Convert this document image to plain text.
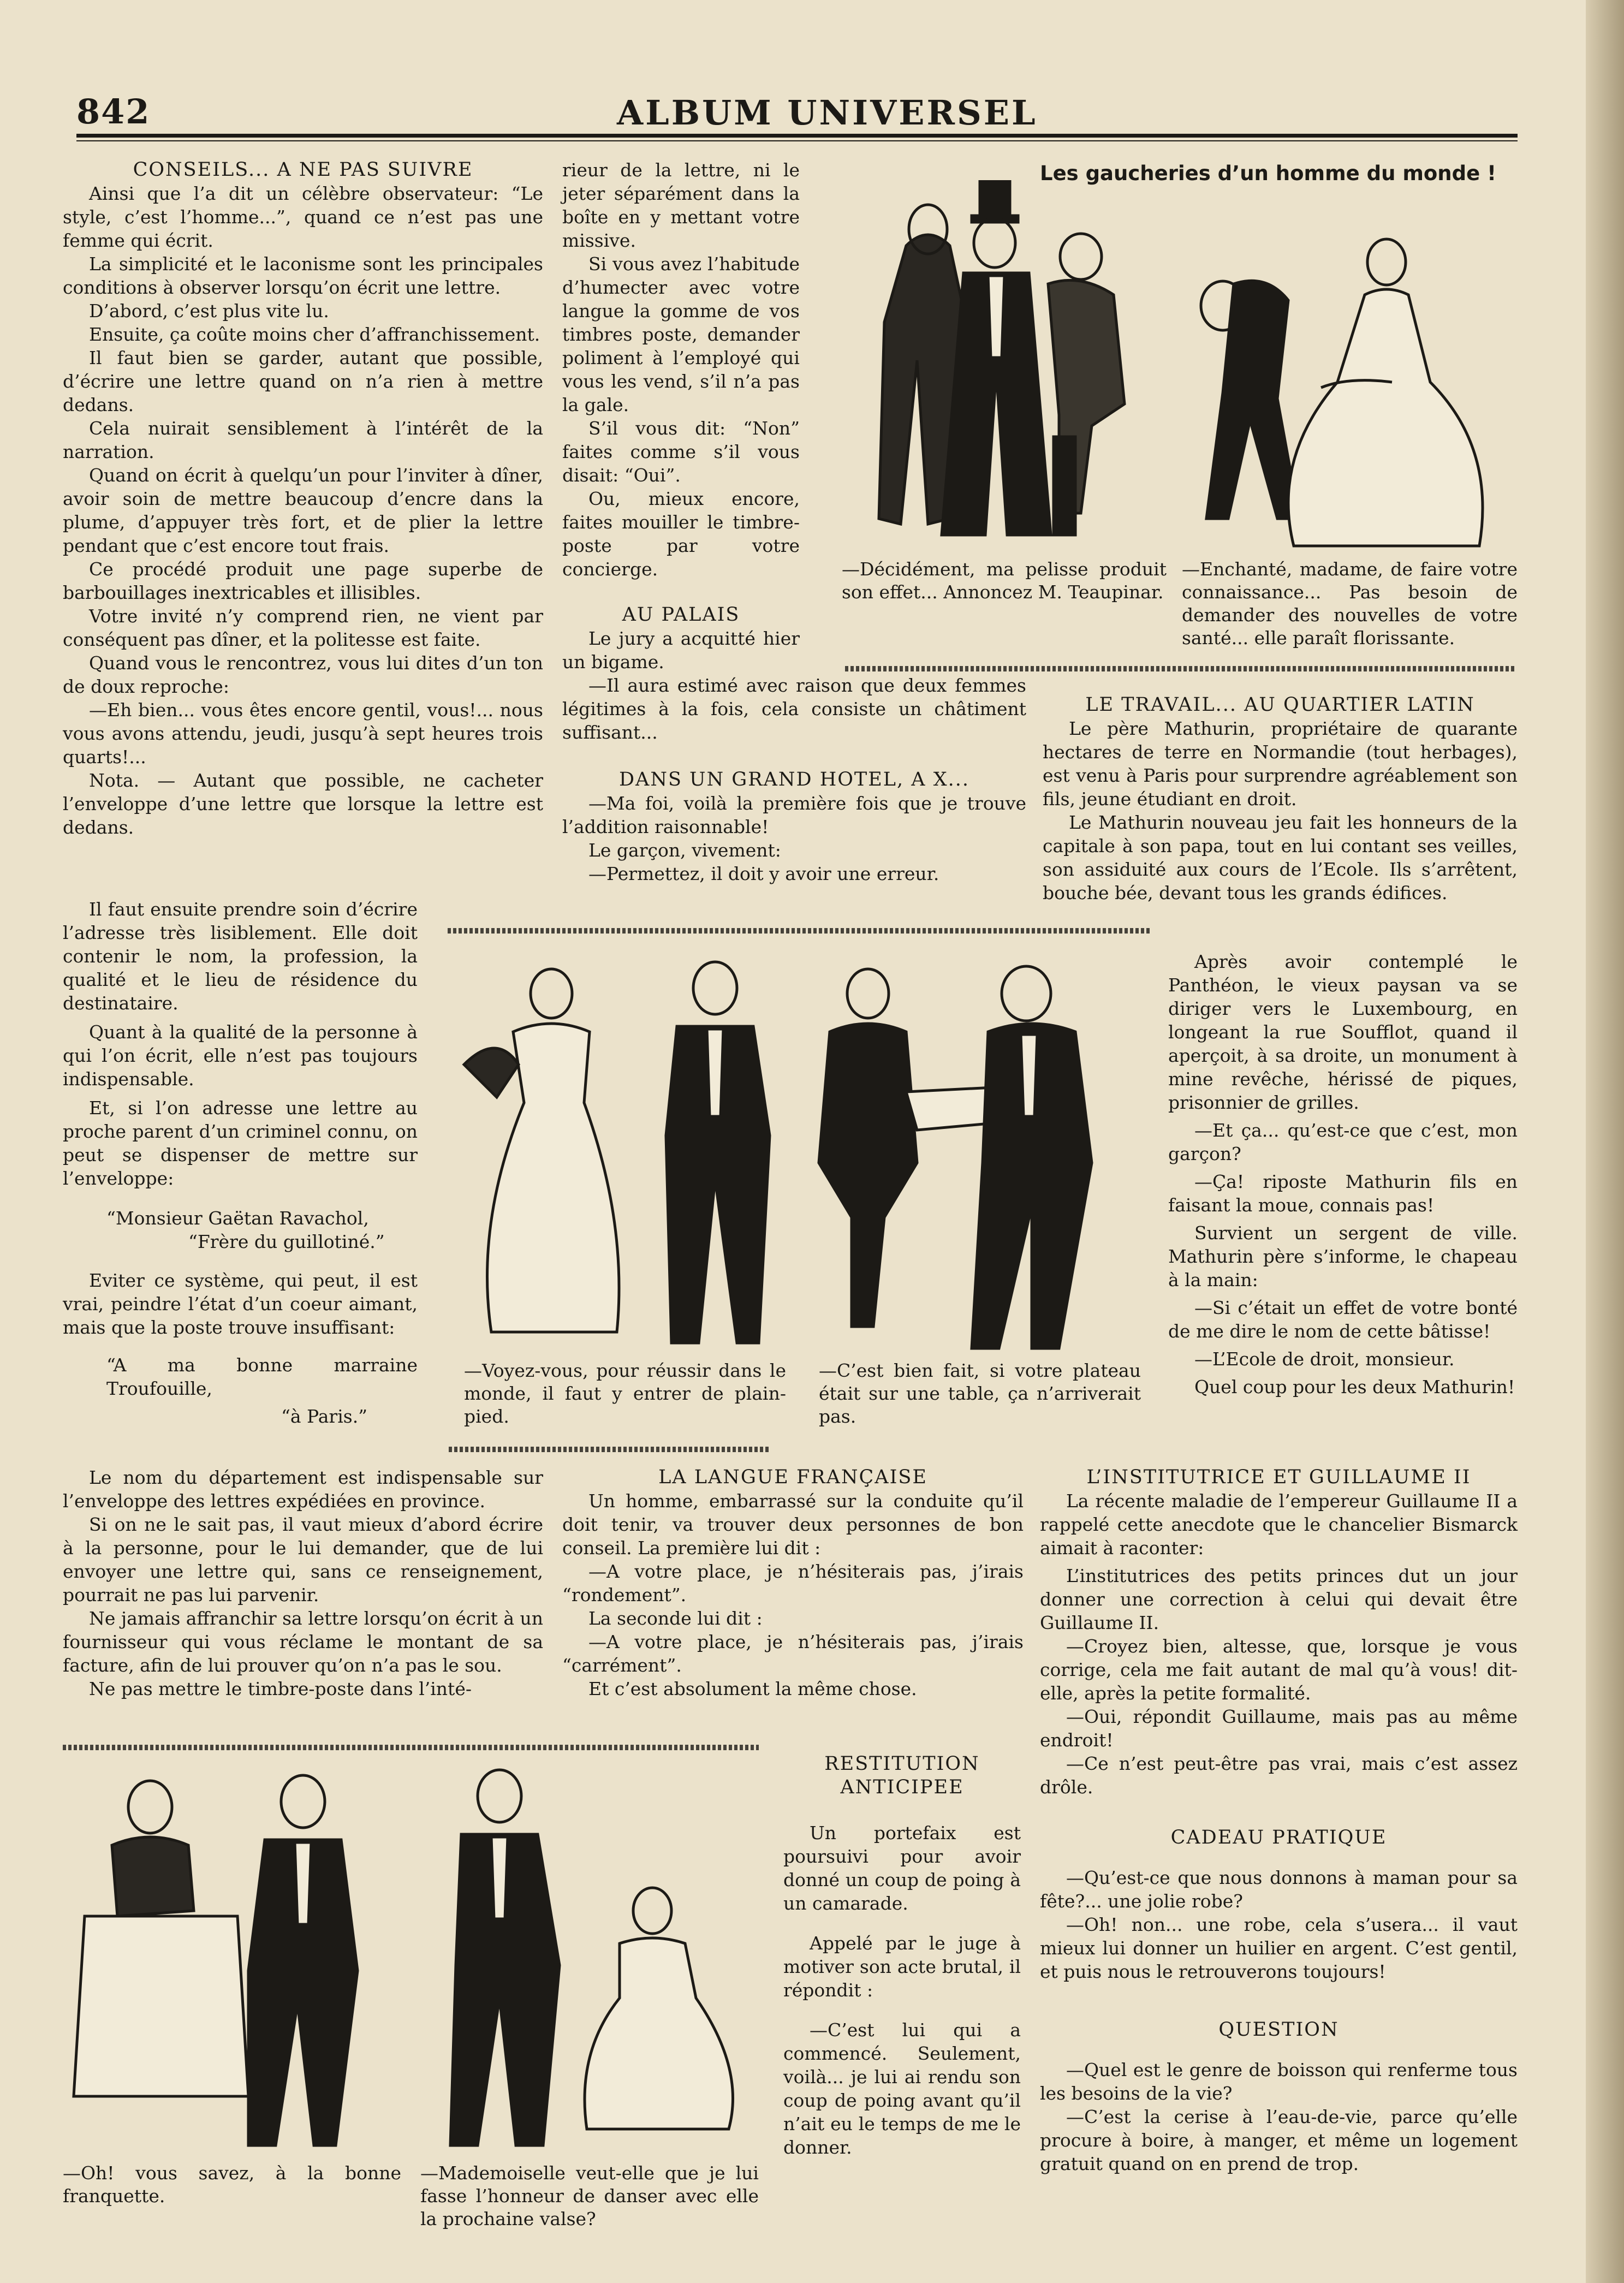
842	ALBUM UNIVERSEL

CONSEILS... A NE PAS SUIVRE

Ainsi que l’a dit un célèbre observateur: “Le style, c’est l’homme...”, quand ce n’est pas une femme qui écrit.

La simplicité et le laconisme sont les principales conditions à observer lorsqu’on écrit une lettre.

D’abord, c’est plus vite lu.

Ensuite, ça coûte moins cher d’affranchissement.

Il faut bien se garder, autant que possible, d’écrire une lettre quand on n’a rien à mettre dedans.

Cela nuirait sensiblement à l’intérêt de la narration.

Quand on écrit à quelqu’un pour l’inviter à dîner, avoir soin de mettre beaucoup d’encre dans la plume, d’appuyer très fort, et de plier la lettre pendant que c’est encore tout frais.

Ce procédé produit une page superbe de barbouillages inextricables et illisibles.

Votre invité n’y comprend rien, ne vient par conséquent pas dîner, et la politesse est faite.

Quand vous le rencontrez, vous lui dites d’un ton de doux reproche:

—Eh bien... vous êtes encore gentil, vous!... nous vous avons attendu, jeudi, jusqu’à sept heures trois quarts!...

Nota. — Autant que possible, ne cacheter l’enveloppe d’une lettre que lorsque la lettre est dedans.

Il faut ensuite prendre soin d’écrire l’adresse très lisiblement. Elle doit contenir le nom, la profession, la qualité et le lieu de résidence du destinataire.

Quant à la qualité de la personne à qui l’on écrit, elle n’est pas toujours indispensable.

Et, si l’on adresse une lettre au proche parent d’un criminel connu, on peut se dispenser de mettre sur l’enveloppe:

“Monsieur Gaëtan Ravachol,

“Frère du guillotiné.”

Eviter ce système, qui peut, il est vrai, peindre l’état d’un coeur aimant, mais que la poste trouve insuffisant:

“A ma bonne marraine Troufouille,

“à Paris.”

Le nom du département est indispensable sur l’enveloppe des lettres expédiées en province.

Si on ne le sait pas, il vaut mieux d’abord écrire à la personne, pour le lui demander, que de lui envoyer une lettre qui, sans ce renseignement, pourrait ne pas lui parvenir.

Ne jamais affranchir sa lettre lorsqu’on écrit à un fournisseur qui vous réclame le montant de sa facture, afin de lui prouver qu’on n’a pas le sou.

Ne pas mettre le timbre-poste dans l’inté-

rieur de la lettre, ni le jeter séparément dans la boîte en y mettant votre missive.

Si vous avez l’habitude d’humecter avec votre langue la gomme de vos timbres poste, demander poliment à l’employé qui vous les vend, s’il n’a pas la gale.

S’il vous dit: “Non” faites comme s’il vous disait: “Oui”.

Ou, mieux encore, faites mouiller le timbre-poste par votre concierge.

AU PALAIS

Le jury a acquitté hier un bigame.

—Il aura estimé avec raison que deux femmes légitimes à la fois, cela consiste un châtiment suffisant...

DANS UN GRAND HOTEL, A X...

—Ma foi, voilà la première fois que je trouve l’addition raisonnable!

Le garçon, vivement:

—Permettez, il doit y avoir une erreur.

Les gaucheries d’un homme du monde !
—Décidément, ma pelisse produit son effet... Annoncez M. Teaupinar.
—Enchanté, madame, de faire votre connaissance... Pas besoin de demander des nouvelles de votre santé... elle paraît florissante.

LE TRAVAIL... AU QUARTIER LATIN

Le père Mathurin, propriétaire de quarante hectares de terre en Normandie (tout herbages), est venu à Paris pour surprendre agréablement son fils, jeune étudiant en droit.

Le Mathurin nouveau jeu fait les honneurs de la capitale à son papa, tout en lui contant ses veilles, son assiduité aux cours de l’Ecole. Ils s’arrêtent, bouche bée, devant tous les grands édifices.

Après avoir contemplé le Panthéon, le vieux paysan va se diriger vers le Luxembourg, en longeant la rue Soufflot, quand il aperçoit, à sa droite, un monument à mine revêche, hérissé de piques, prisonnier de grilles.

—Et ça... qu’est-ce que c’est, mon garçon?

—Ça! riposte Mathurin fils en faisant la moue, connais pas!

Survient un sergent de ville. Mathurin père s’informe, le chapeau à la main:

—Si c’était un effet de votre bonté de me dire le nom de cette bâtisse!

—L’Ecole de droit, monsieur.

Quel coup pour les deux Mathurin!

—Voyez-vous, pour réussir dans le monde, il faut y entrer de plain-pied.
—C’est bien fait, si votre plateau était sur une table, ça n’arriverait pas.

LA LANGUE FRANÇAISE

Un homme, embarrassé sur la conduite qu’il doit tenir, va trouver deux personnes de bon conseil. La première lui dit :

—A votre place, je n’hésiterais pas, j’irais “rondement”.

La seconde lui dit :

—A votre place, je n’hésiterais pas, j’irais “carrément”.

Et c’est absolument la même chose.

L’INSTITUTRICE ET GUILLAUME II

La récente maladie de l’empereur Guillaume II a rappelé cette anecdote que le chancelier Bismarck aimait à raconter:

L’institutrices des petits princes dut un jour donner une correction à celui qui devait être Guillaume II.

—Croyez bien, altesse, que, lorsque je vous corrige, cela me fait autant de mal qu’à vous! dit-elle, après la petite formalité.

—Oui, répondit Guillaume, mais pas au même endroit!

—Ce n’est peut-être pas vrai, mais c’est assez drôle.

CADEAU PRATIQUE

—Qu’est-ce que nous donnons à maman pour sa fête?... une jolie robe?

—Oh! non... une robe, cela s’usera... il vaut mieux lui donner un huilier en argent. C’est gentil, et puis nous le retrouverons toujours!

QUESTION

—Quel est le genre de boisson qui renferme tous les besoins de la vie?

—C’est la cerise à l’eau-de-vie, parce qu’elle procure à boire, à manger, et même un logement gratuit quand on en prend de trop.

—Oh! vous savez, à la bonne franquette.
—Mademoiselle veut-elle que je lui fasse l’honneur de danser avec elle la prochaine valse?

RESTITUTION ANTICIPEE

Un portefaix est poursuivi pour avoir donné un coup de poing à un camarade.

Appelé par le juge à motiver son acte brutal, il répondit :

—C’est lui qui a commencé. Seulement, voilà... je lui ai rendu son coup de poing avant qu’il n’ait eu le temps de me le donner.
